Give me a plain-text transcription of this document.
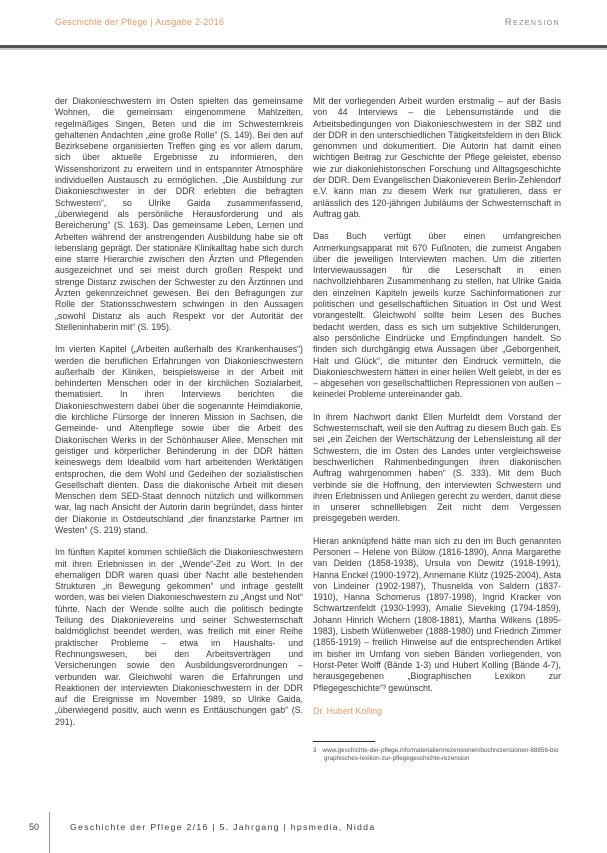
Geschichte der Pflege | Ausgabe 2-2016	Rezension

der Diakonieschwestern im Osten spielten das gemeinsame Wohnen, die gemeinsam eingenommene Mahlzeiten, regelmäßiges Singen, Beten und die im Schwesternkreis gehaltenen Andachten „eine große Rolle“ (S. 149). Bei den auf Bezirksebene organisierten Treffen ging es vor allem darum, sich über aktuelle Ergebnisse zu informieren, den Wissenshorizont zu erweitern und in entspannter Atmosphäre individuellen Austausch zu ermöglichen. „Die Ausbildung zur Diakonieschwester in der DDR erlebten die befragten Schwestern“, so Ulrike Gaida zusammenfassend, „überwiegend als persönliche Herausforderung und als Bereicherung“ (S. 163). Das gemeinsame Leben, Lernen und Arbeiten während der anstrengenden Ausbildung habe sie oft lebenslang geprägt. Der stationäre Klinikalltag habe sich durch eine starre Hierarchie zwischen den Ärzten und Pflegenden ausgezeichnet und sei meist durch großen Respekt und strenge Distanz zwischen der Schwester zu den Ärztinnen und Ärzten gekennzeichnet gewesen. Bei den Befragungen zur Rolle der Stationsschwestern schwingen in den Aussagen „sowohl Distanz als auch Respekt vor der Autorität der Stelleninhaberin mit“ (S. 195).

Im vierten Kapitel („Arbeiten außerhalb des Krankenhauses“) werden die beruflichen Erfahrungen von Diakonieschwestern außerhalb der Kliniken, beispielsweise in der Arbeit mit behinderten Menschen oder in der kirchlichen Sozialarbeit, thematisiert. In ihren Interviews berichten die Diakonieschwestern dabei über die sogenannte Heimdiakonie, die kirchliche Fürsorge der Inneren Mission in Sachsen, die Gemeinde- und Altenpflege sowie über die Arbeit des Diakonischen Werks in der Schönhauser Allee. Menschen mit geistiger und körperlicher Behinderung in der DDR hätten keineswegs dem Idealbild vom hart arbeitenden Werktätigen entsprochen, die dem Wohl und Gedeihen der sozialistischen Gesellschaft dienten. Dass die diakonische Arbeit mit diesen Menschen dem SED-Staat dennoch nützlich und willkommen war, lag nach Ansicht der Autorin darin begründet, dass hinter der Diakonie in Ostdeutschland „der finanzstarke Partner im Westen“ (S. 219) stand.

Im fünften Kapitel kommen schließlich die Diakonieschwestern mit ihren Erlebnissen in der „Wende“-Zeit zu Wort. In der ehemaligen DDR waren quasi über Nacht alle bestehenden Strukturen „in Bewegung gekommen“ und infrage gestellt worden, was bei vielen Diakonieschwestern zu „Angst und Not“ führte. Nach der Wende sollte auch die politisch bedingte Teilung des Diakonievereins und seiner Schwesternschaft baldmöglichst beendet werden, was freilich mit einer Reihe praktischer Probleme – etwa im Haushalts- und Rechnungswesen, bei den Arbeitsverträgen und Versicherungen sowie den Ausbildungsverordnungen – verbunden war. Gleichwohl waren die Erfahrungen und Reaktionen der interviewten Diakonieschwestern in der DDR auf die Ereignisse im November 1989, so Ulrike Gaida, „überwiegend positiv, auch wenn es Enttäuschungen gab“ (S. 291).

Mit der vorliegenden Arbeit wurden erstmalig – auf der Basis von 44 Interviews – die Lebensumstände und die Arbeitsbedingungen von Diakonieschwestern in der SBZ und der DDR in den unterschiedlichen Tätigkeitsfeldern in den Blick genommen und dokumentiert. Die Autorin hat damit einen wichtigen Beitrag zur Geschichte der Pflege geleistet, ebenso wie zur diakoniehistorischen Forschung und Alltagsgeschichte der DDR. Dem Evangelischen Diakonieverein Berlin-Zehlendorf e.V. kann man zu diesem Werk nur gratulieren, dass er anlässlich des 120-jährigen Jubiläums der Schwesternschaft in Auftrag gab.

Das Buch verfügt über einen umfangreichen Anmerkungsapparat mit 670 Fußnoten, die zumeist Angaben über die jeweiligen Interviewten machen. Um die zitierten Interviewaussagen für die Leserschaft in einen nachvollziehbaren Zusammenhang zu stellen, hat Ulrike Gaida den einzelnen Kapiteln jeweils kurze Sachinformationen zur politischen und gesellschaftlichen Situation in Ost und West vorangestellt. Gleichwohl sollte beim Lesen des Buches bedacht werden, dass es sich um subjektive Schilderungen, also persönliche Eindrücke und Empfindungen handelt. So finden sich durchgängig etwa Aussagen über „Geborgenheit, Halt und Glück“, die mitunter den Eindruck vermitteln, die Diakonieschwestern hätten in einer heilen Welt gelebt, in der es – abgesehen von gesellschaftlichen Repressionen von außen – keinerlei Probleme untereinander gab.

In ihrem Nachwort dankt Ellen Murfeldt dem Vorstand der Schwesternschaft, weil sie den Auftrag zu diesem Buch gab. Es sei „ein Zeichen der Wertschätzung der Lebensleistung all der Schwestern, die im Osten des Landes unter vergleichsweise beschwerlichen Rahmenbedingungen ihren diakonischen Auftrag wahrgenommen haben“ (S. 333). Mit dem Buch verbinde sie die Hoffnung, den interviewten Schwestern und ihren Erlebnissen und Anliegen gerecht zu werden, damit diese in unserer schnelllebigen Zeit nicht dem Vergessen preisgegeben werden.

Hieran anknüpfend hätte man sich zu den im Buch genannten Personen – Helene von Bülow (1816-1890), Anna Margarethe van Delden (1858-1938), Ursula von Dewitz (1918-1991), Hanna Enckel (1900-1972), Annemarie Klütz (1925-2004), Asta von Lindeiner (1902-1987), Thusnelda von Saldern (1837-1910), Hanna Schomerus (1897-1998), Ingrid Kracker von Schwartzenfeldt (1930-1993), Amalie Sieveking (1794-1859), Johann Hinrich Wichern (1808-1881), Martha Wilkens (1895-1983), Lisbeth Wüllenweber (1888-1980) und Friedrich Zimmer (1855-1919) – freilich Hinweise auf die entsprechenden Artikel im bisher im Umfang von sieben Bänden vorliegenden, von Horst-Peter Wolff (Bände 1-3) und Hubert Kolling (Bände 4-7), herausgegebenen „Biographischen Lexikon zur Pflegegeschichte“³ gewünscht.

Dr. Hubert Kolling

3 www.geschichte-der-pflege.info/materialien/rezensionen/buchrezensionen-88856-biographisches-lexikon-zur-pflegegeschichte-rezension

50	Geschichte der Pflege 2/16 | 5. Jahrgang | hpsmedia, Nidda
